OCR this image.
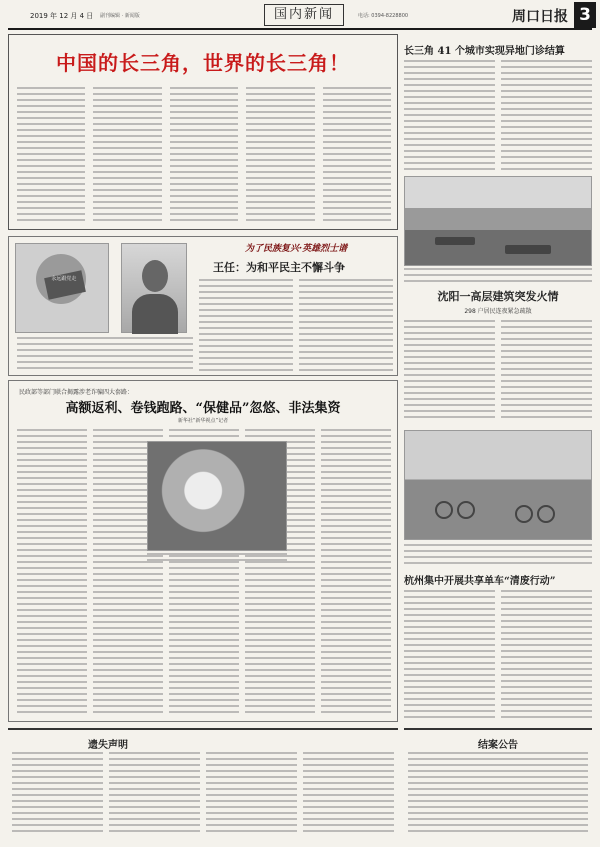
2019 年 12 月 4 日 副刊编辑 · 新闻版	国内新闻	电话: 0394-8228800	周口日报 3
中国的长三角，世界的长三角！	长三角 41 个城市实现异地门诊结算
永远跟党走
为了民族复兴·英雄烈士谱
王任：为和平民主不懈斗争
沈阳一高层建筑突发火情
298 户居民连夜紧急疏散
民政部等部门联合揭露涉老诈骗四大套路：
高额返利、卷钱跑路、“保健品”忽悠、非法集资
新华社“新华视点”记者
杭州集中开展共享单车“清废行动”
遗失声明	结案公告
